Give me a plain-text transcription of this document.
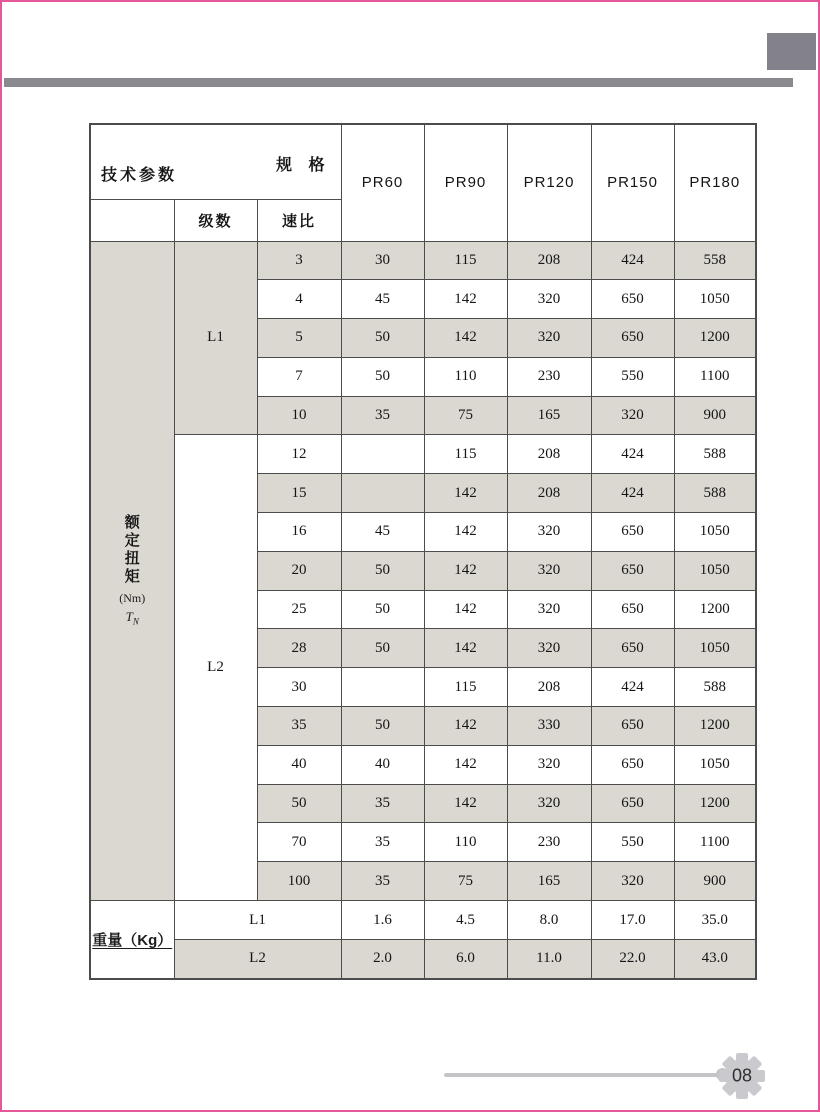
技术参数
规 格			PR60	PR90	PR120	PR150	PR180
	级数	速比					

额
定
扭
矩
(Nm)
$T_N$
	L1	3	30	115	208	424	558
		4	45	142	320	650	1050
		5	50	142	320	650	1200
		7	50	110	230	550	1100
		10	35	75	165	320	900
	L2	12		115	208	424	588
		15		142	208	424	588
		16	45	142	320	650	1050
		20	50	142	320	650	1050
		25	50	142	320	650	1200
		28	50	142	320	650	1050
		30		115	208	424	588
		35	50	142	330	650	1200
		40	40	142	320	650	1050
		50	35	142	320	650	1200
		70	35	110	230	550	1100
		100	35	75	165	320	900
重量（Kg）	L1		1.6	4.5	8.0	17.0	35.0
	L2		2.0	6.0	11.0	22.0	43.0
08
